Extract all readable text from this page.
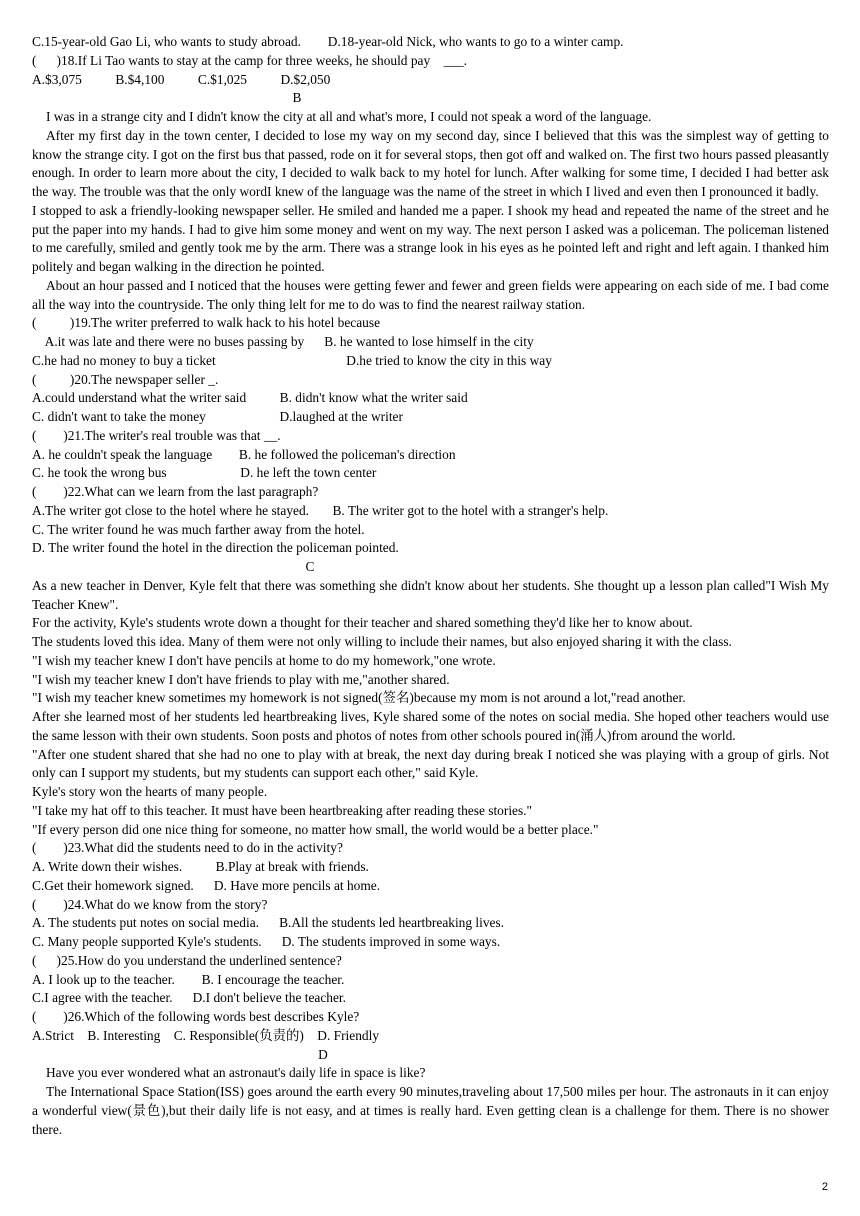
C.15-year-old Gao Li, who wants to study abroad.        D.18-year-old Nick, who wants to go to a winter camp.
(      )18.If Li Tao wants to stay at the camp for three weeks, he should pay    ___.
A.$3,075          B.$4,100          C.$1,025          D.$2,050
B
I was in a strange city and I didn't know the city at all and what's more, I could not speak a word of the language.
After my first day in the town center, I decided to lose my way on my second day, since I believed that this was the simplest way of getting to know the strange city. I got on the first bus that passed, rode on it for several stops, then got off and walked on. The first two hours passed pleasantly enough. In order to learn more about the city, I decided to walk back to my hotel for lunch. After walking for some time, I decided I had better ask the way. The trouble was that the only wordI knew of the language was the name of the street in which I lived and even then I pronounced it badly.
I stopped to ask a friendly-looking newspaper seller. He smiled and handed me a paper. I shook my head and repeated the name of the street and he put the paper into my hands. I had to give him some money and went on my way. The next person I asked was a policeman. The policeman listened to me carefully, smiled and gently took me by the arm. There was a strange look in his eyes as he pointed left and right and left again. I thanked him politely and began walking in the direction he pointed.
About an hour passed and I noticed that the houses were getting fewer and fewer and green fields were appearing on each side of me. I bad come all the way into the countryside. The only thing lelt for me to do was to find the nearest railway station.
(          )19.The writer preferred to walk hack to his hotel because
A.it was late and there were no buses passing by      B. he wanted to lose himself in the city
C.he had no money to buy a ticket                                       D.he tried to know the city in this way
(          )20.The newspaper seller _.
A.could understand what the writer said          B. didn't know what the writer said
C. didn't want to take the money                      D.laughed at the writer
(        )21.The writer's real trouble was that __.
A. he couldn't speak the language        B. he followed the policeman's direction
C. he took the wrong bus                      D. he left the town center
(        )22.What can we learn from the last paragraph?
A.The writer got close to the hotel where he stayed.       B. The writer got to the hotel with a stranger's help.
C. The writer found he was much farther away from the hotel.
D. The writer found the hotel in the direction the policeman pointed.
C
As a new teacher in Denver, Kyle felt that there was something she didn't know about her students. She thought up a lesson plan called"I Wish My Teacher Knew".
For the activity, Kyle's students wrote down a thought for their teacher and shared something they'd like her to know about.
The students loved this idea. Many of them were not only willing to include their names, but also enjoyed sharing it with the class.
"I wish my teacher knew I don't have pencils at home to do my homework,"one wrote.
"I wish my teacher knew I don't have friends to play with me,"another shared.
"I wish my teacher knew sometimes my homework is not signed(签名)because my mom is not around a lot,"read another.
After she learned most of her students led heartbreaking lives, Kyle shared some of the notes on social media. She hoped other teachers would use the same lesson with their own students. Soon posts and photos of notes from other schools poured in(涌人)from around the world.
"After one student shared that she had no one to play with at break, the next day during break I noticed she was playing with a group of girls. Not only can I support my students, but my students can support each other," said Kyle.
Kyle's story won the hearts of many people.
"I take my hat off to this teacher. It must have been heartbreaking after reading these stories."
"If every person did one nice thing for someone, no matter how small, the world would be a better place."
(        )23.What did the students need to do in the activity?
A. Write down their wishes.          B.Play at break with friends.
C.Get their homework signed.      D. Have more pencils at home.
(        )24.What do we know from the story?
A. The students put notes on social media.      B.All the students led heartbreaking lives.
C. Many people supported Kyle's students.      D. The students improved in some ways.
(      )25.How do you understand the underlined sentence?
A. I look up to the teacher.        B. I encourage the teacher.
C.I agree with the teacher.      D.I don't believe the teacher.
(        )26.Which of the following words best describes Kyle?
A.Strict    B. Interesting    C. Responsible(负责的)    D. Friendly
D
Have you ever wondered what an astronaut's daily life in space is like?
The International Space Station(ISS) goes around the earth every 90 minutes,traveling about 17,500 miles per hour. The astronauts in it can enjoy a wonderful view(景色),but their daily life is not easy, and at times is really hard. Even getting clean is a challenge for them. There is no shower there.
2
